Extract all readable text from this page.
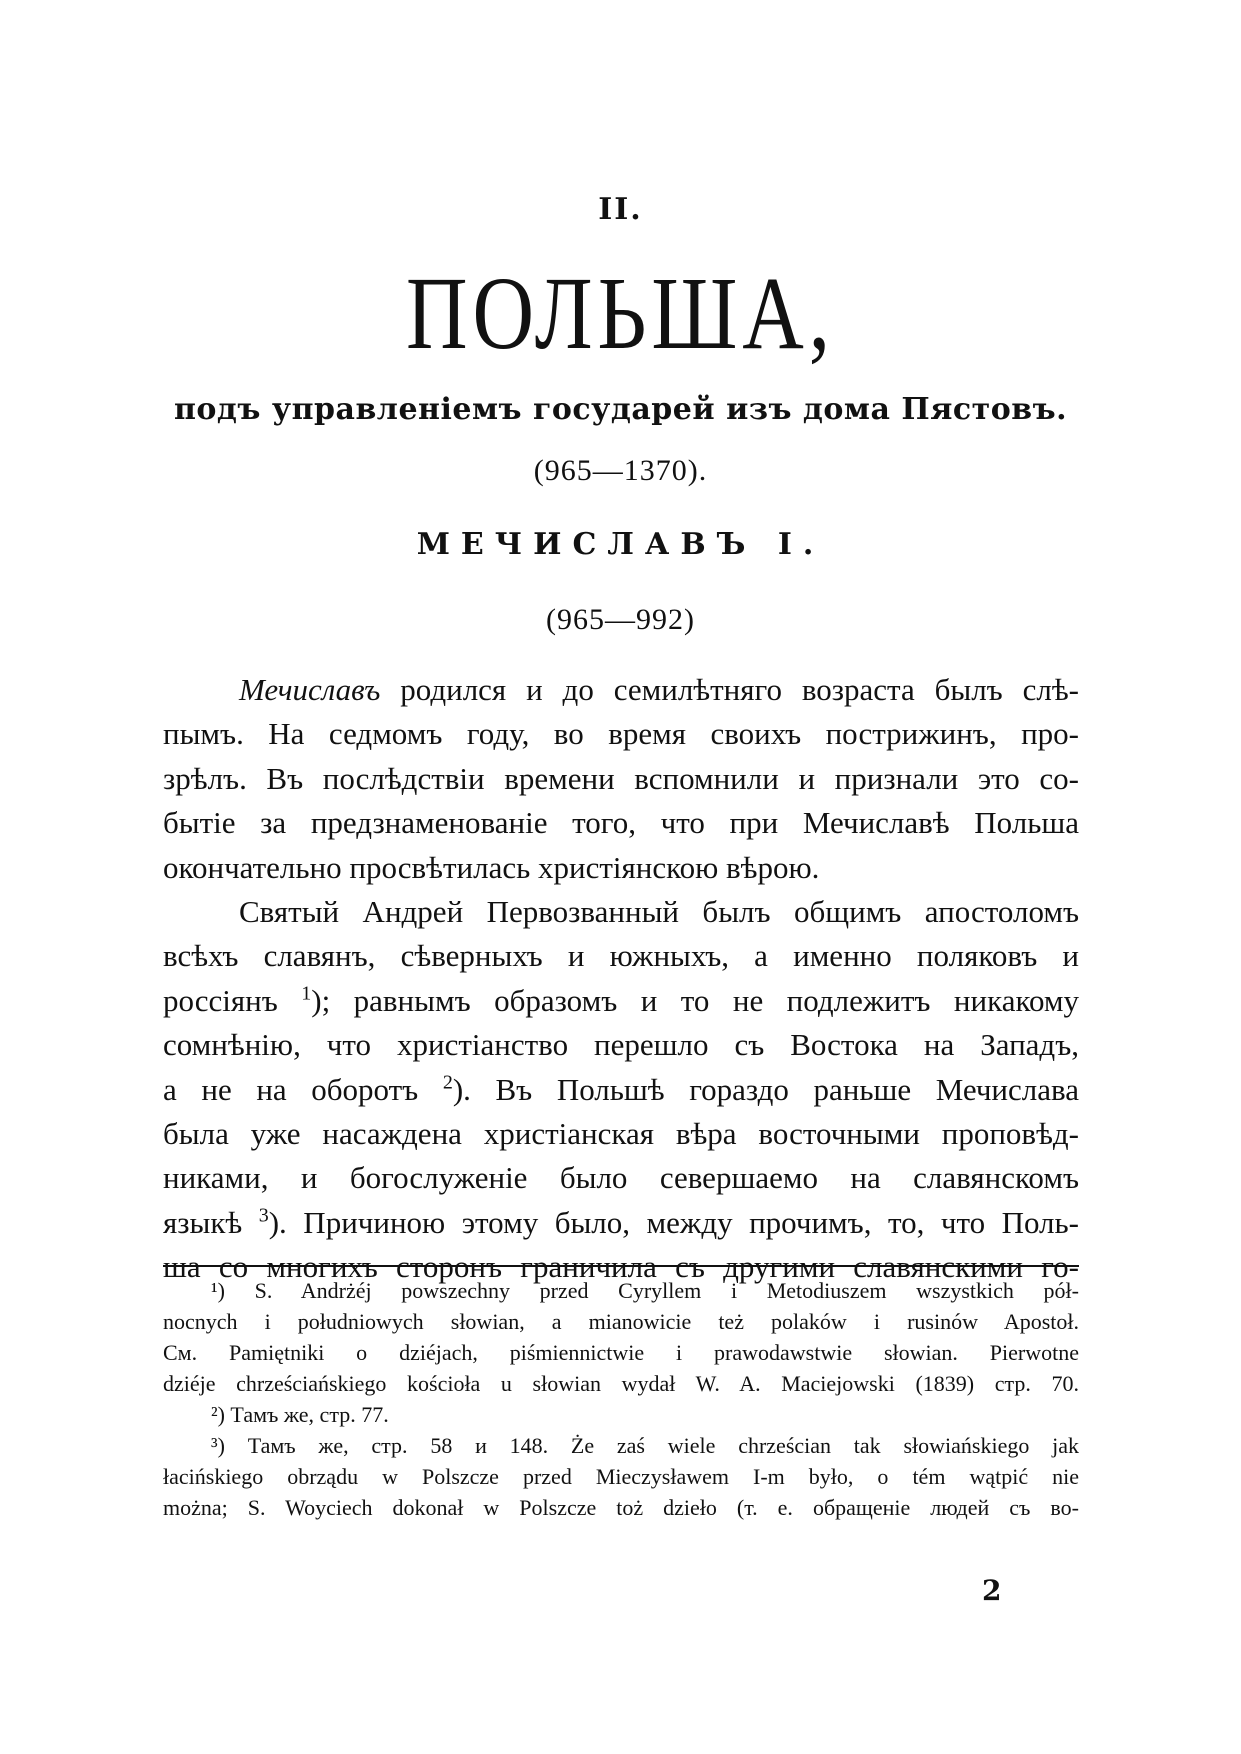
II.
ПОЛЬША,
подъ управленіемъ государей изъ дома Пястовъ.
(965—1370).
МЕЧИСЛАВЪ I.
(965—992)
Мечиславъ родился и до семилѣтняго возраста былъ слѣ-
пымъ. На седмомъ году, во время своихъ пострижинъ, про-
зрѣлъ. Въ послѣдствіи времени вспомнили и признали это со-
бытіе за предзнаменованіе того, что при Мечиславѣ Польша
окончательно просвѣтилась христіянскою вѣрою.
Святый Андрей Первозванный былъ общимъ апостоломъ
всѣхъ славянъ, сѣверныхъ и южныхъ, а именно поляковъ и
россіянъ $^1$); равнымъ образомъ и то не подлежитъ никакому
сомнѣнію, что христіанство перешло съ Востока на Западъ,
а не на оборотъ $^2$). Въ Польшѣ гораздо раньше Мечислава
была уже насаждена христіанская вѣра восточными проповѣд-
никами, и богослуженіе было севершаемо на славянскомъ
языкѣ $^3$). Причиною этому было, между прочимъ, то, что Поль-
ша со многихъ сторонъ граничила съ другими славянскими го-
¹) S. Andrżéj powszechny przed Cyryllem i Metodiuszem wszystkich pół-
nocnych i południowych słowian, a mianowicie też polaków i rusinów Apostoł.
См. Pamiętniki o dziéjach, piśmiennictwie i prawodawstwie słowian. Pierwotne
dziéje chrześciańskiego kościoła u słowian wydał W. A. Maciejowski (1839) стр. 70.
²) Тамъ же, стр. 77.
³) Тамъ же, стр. 58 и 148. Że zaś wiele chrześcian tak słowiańskiego jak
łacińskiego obrządu w Polszcze przed Mieczysławem I-m było, o tém wątpić nie
można; S. Woyciech dokonał w Polszcze toż dzieło (т. е. обращеніе людей съ во-
2
